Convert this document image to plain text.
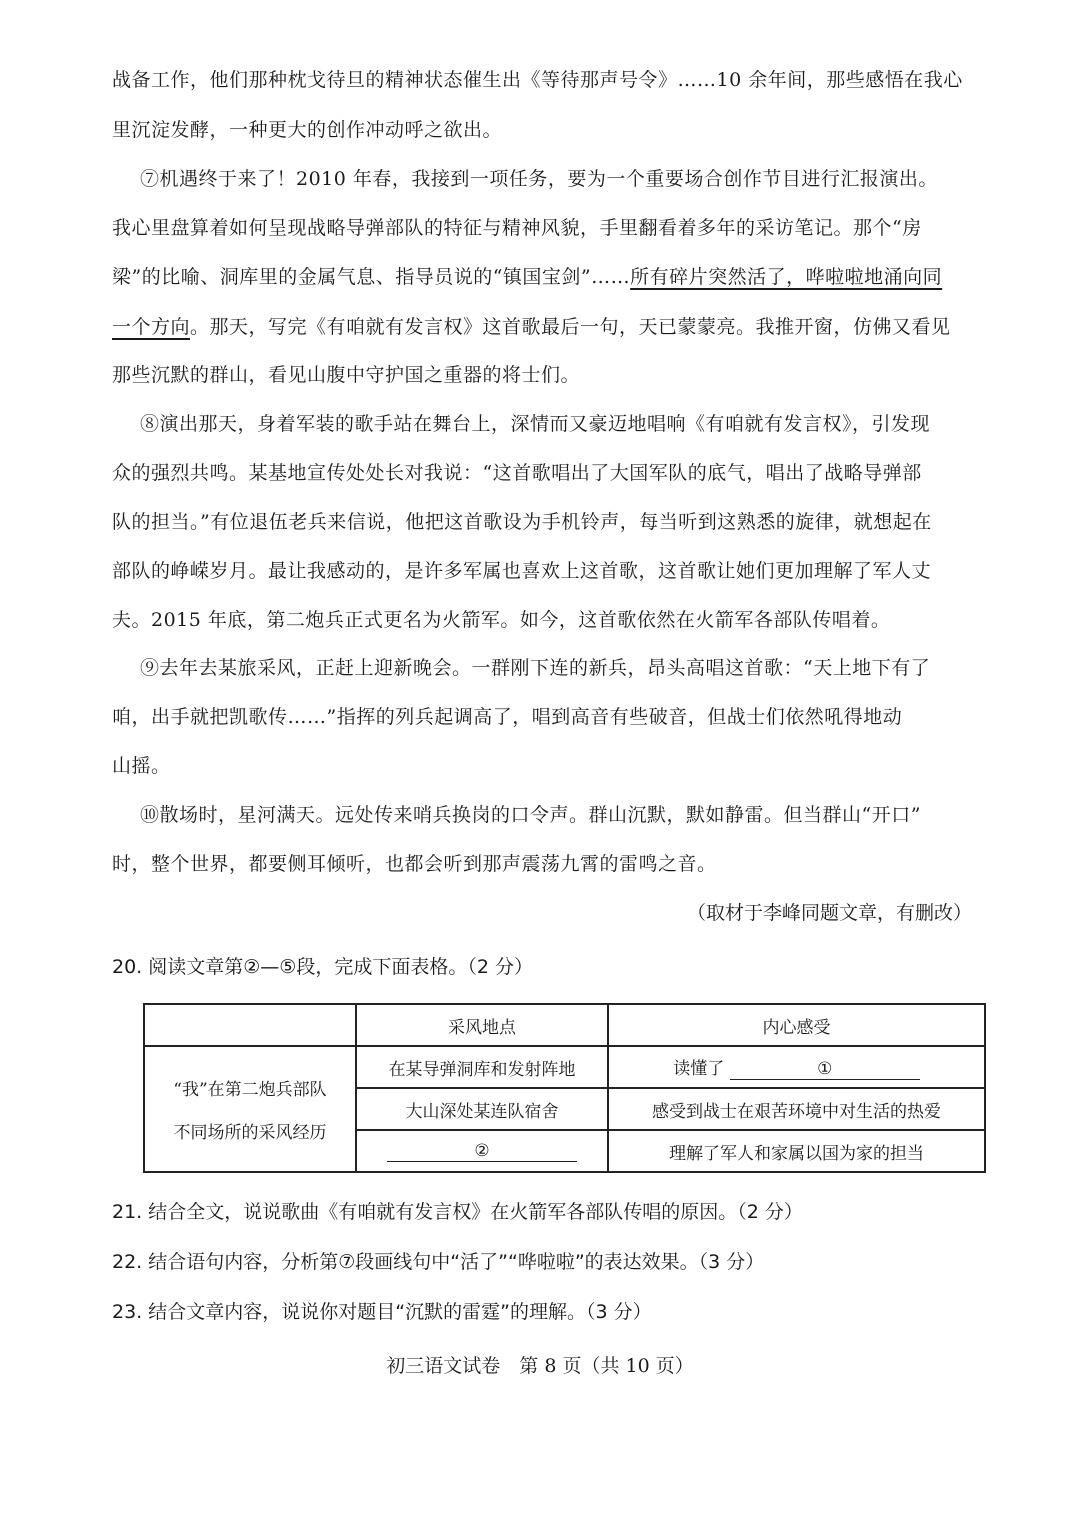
战备工作，他们那种枕戈待旦的精神状态催生出《等待那声号令》……10 余年间，那些感悟在我心
里沉淀发酵，一种更大的创作冲动呼之欲出。
⑦机遇终于来了！2010 年春，我接到一项任务，要为一个重要场合创作节目进行汇报演出。
我心里盘算着如何呈现战略导弹部队的特征与精神风貌，手里翻看着多年的采访笔记。那个“房
梁”的比喻、洞库里的金属气息、指导员说的“镇国宝剑”……所有碎片突然活了，哗啦啦地涌向同
一个方向。那天，写完《有咱就有发言权》这首歌最后一句，天已蒙蒙亮。我推开窗，仿佛又看见
那些沉默的群山，看见山腹中守护国之重器的将士们。
⑧演出那天，身着军装的歌手站在舞台上，深情而又豪迈地唱响《有咱就有发言权》，引发现
众的强烈共鸣。某基地宣传处处长对我说：“这首歌唱出了大国军队的底气，唱出了战略导弹部
队的担当。”有位退伍老兵来信说，他把这首歌设为手机铃声，每当听到这熟悉的旋律，就想起在
部队的峥嵘岁月。最让我感动的，是许多军属也喜欢上这首歌，这首歌让她们更加理解了军人丈
夫。2015 年底，第二炮兵正式更名为火箭军。如今，这首歌依然在火箭军各部队传唱着。
⑨去年去某旅采风，正赶上迎新晚会。一群刚下连的新兵，昂头高唱这首歌：“天上地下有了
咱，出手就把凯歌传……”指挥的列兵起调高了，唱到高音有些破音，但战士们依然吼得地动
山摇。
⑩散场时，星河满天。远处传来哨兵换岗的口令声。群山沉默，默如静雷。但当群山“开口”
时，整个世界，都要侧耳倾听，也都会听到那声震荡九霄的雷鸣之音。
（取材于李峰同题文章，有删改）
20. 阅读文章第②—⑤段，完成下面表格。（2 分）
	采风地点	内心感受

“我”在第二炮兵部队
不同场所的采风经历	在某导弹洞库和发射阵地	读懂了 ①
	大山深处某连队宿舍	感受到战士在艰苦环境中对生活的热爱
	②	理解了军人和家属以国为家的担当
21. 结合全文，说说歌曲《有咱就有发言权》在火箭军各部队传唱的原因。（2 分）
22. 结合语句内容，分析第⑦段画线句中“活了”“哗啦啦”的表达效果。（3 分）
23. 结合文章内容，说说你对题目“沉默的雷霆”的理解。（3 分）
初三语文试卷　第 8 页（共 10 页）
